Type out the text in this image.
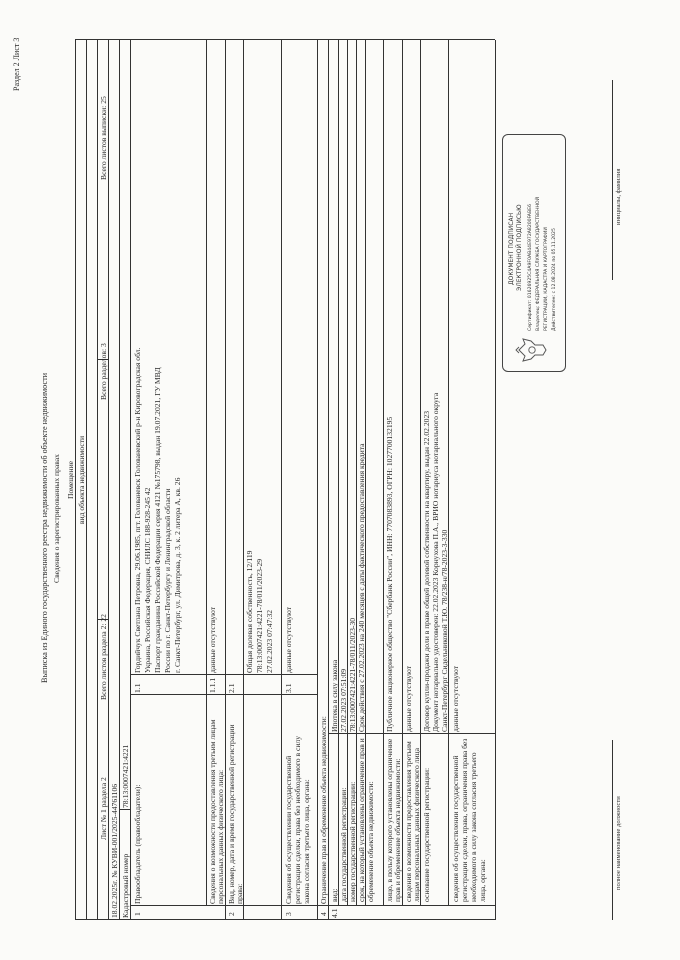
Раздел 2 Лист 3
Выписка из Единого государственного реестра недвижимости об объекте недвижимости Сведения о зарегистрированных правах Помещение вид объекта недвижимости
Лист № 1 раздела 2
Всего листов раздела 2: 22
Всего разделов: 3
Всего листов выписки: 25
18.02.2025г. № КУВИ-001/2025-44761106 Кадастровый номер
78:13:0007421:4221
1
Правообладатель (правообладатели):
1.1
Гордийчук Светлана Петровна, 29.06.1985, пгт. Голованевск Голованевский р-н Кировоградская обл. Украина, Российская Федерация, СНИЛС 188-928-245 42 Паспорт гражданина Российской Федерации серия 4121 №175798, выдан 19.07.2021, ГУ МВД России по г. Санкт-Петербургу и Ленинградской области г. Санкт-Петербург, ул. Димитрова, д. 3, к. 2 литера А, кв. 26
Сведения о возможности предоставления третьим лицам персональных данных физического лица:
1.1.1
данные отсутствуют
2
Вид, номер, дата и время государственной регистрации права:
2.1
Общая долевая собственность, 12/119 78:13:0007421:4221-78/011/2023-29 27.02.2023 07:47:32
3
Сведения об осуществлении государственной регистрации сделки, права без необходимого в силу закона согласия третьего лица, органа:
3.1
данные отсутствуют
4
Ограничение прав и обременение объекта недвижимости:
4.1
вид:
Ипотека в силу закона
дата государственной регистрации:
27.02.2023 07:51:09
номер государственной регистрации:
78:13:0007421:4221-78/011/2023-30
срок, на который установлены ограничение прав и обременение объекта недвижимости:
Срок действия с 27.02.2023 на 240 месяцев с даты фактического предоставления кредита
лицо, в пользу которого установлены ограничение прав и обременение объекта недвижимости:
Публичное акционерное общество "Сбербанк России", ИНН: 7707083893, ОГРН: 1027700132195
сведения о возможности предоставления третьим лицам персональных данных физического лица
данные отсутствуют
основание государственной регистрации:
Договор купли-продажи доли в праве общей долевой собственности на квартиру, выдан 22.02.2023 Документ нотариально удостоверен: 22.02.2023 Корнухова П.А., ВРИО нотариуса нотариального округа Санкт-Петербург Сидельниковой Т.Ю. 78/238-н/78-2023-3-330
сведения об осуществлении государственной регистрации сделки, права, ограничения права без необходимого в силу закона согласия третьего лица, органа:
данные отсутствуют
полное наименование должности
инициалы, фамилия
ДОКУМЕНТ ПОДПИСАН ЭЛЕКТРОННОЙ ПОДПИСЬЮ Сертификат: 01626925C4A9F0AB44E972A8200FABE6 Владелец: ФЕДЕРАЛЬНАЯ СЛУЖБА ГОСУДАРСТВЕННОЙ РЕГИСТРАЦИИ, КАДАСТРА И КАРТОГРАФИИ Действителен: с 12.08.2024 по 05.11.2025
